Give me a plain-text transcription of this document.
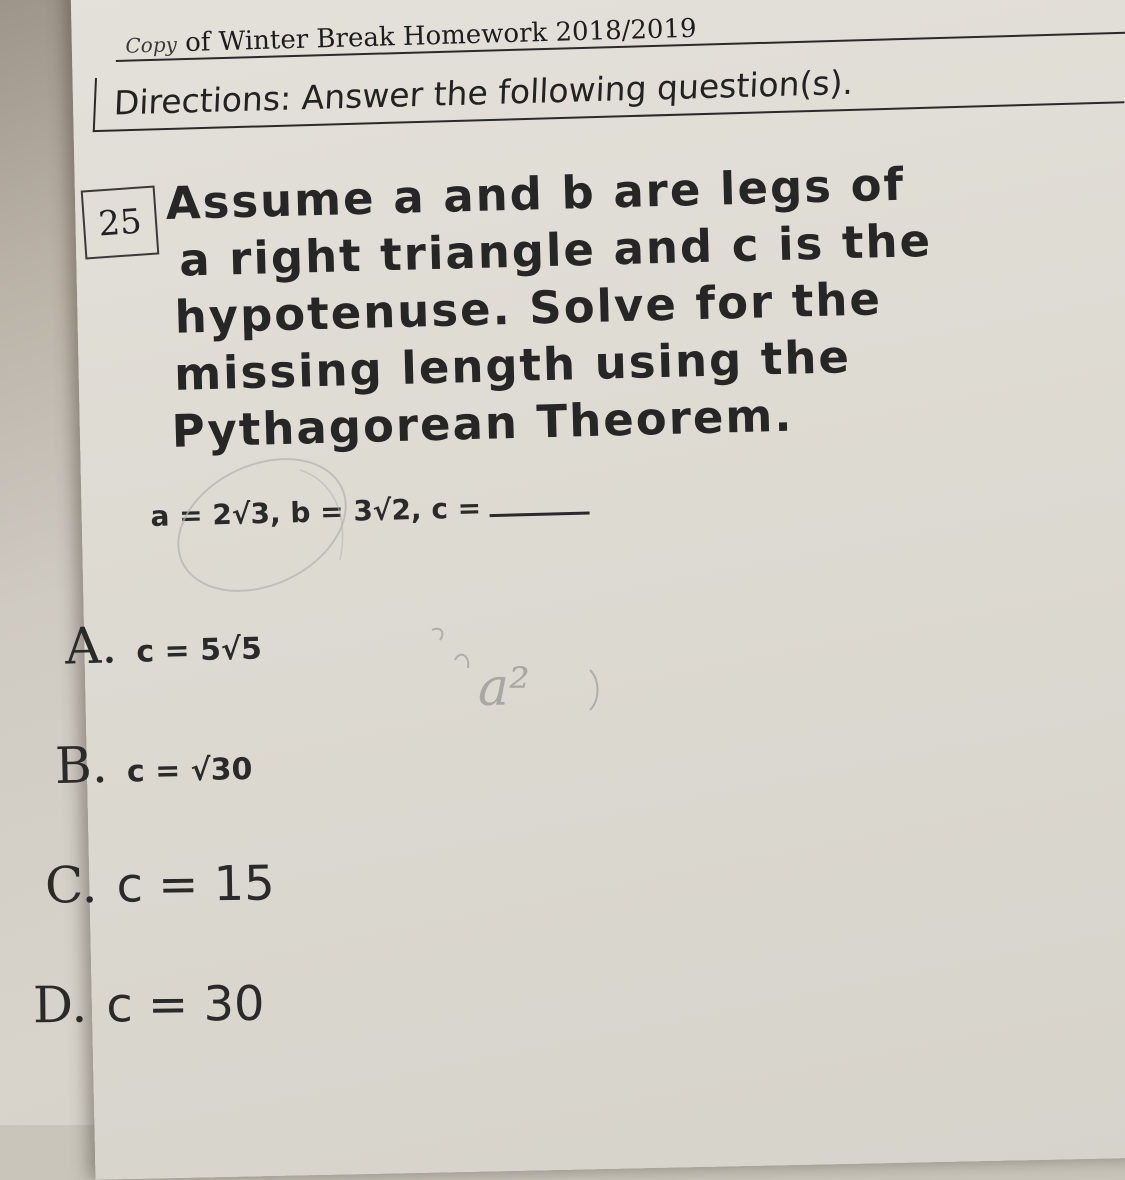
Copy of Winter Break Homework 2018/2019
Directions: Answer the following question(s).
25 Assume a and b are legs of
a right triangle and c is the
hypotenuse. Solve for the
missing length using the
Pythagorean Theorem.
a = 2√3, b = 3√2, c =
A. c = 5√5
B. c = √30
C. c = 15
D. c = 30
a²
